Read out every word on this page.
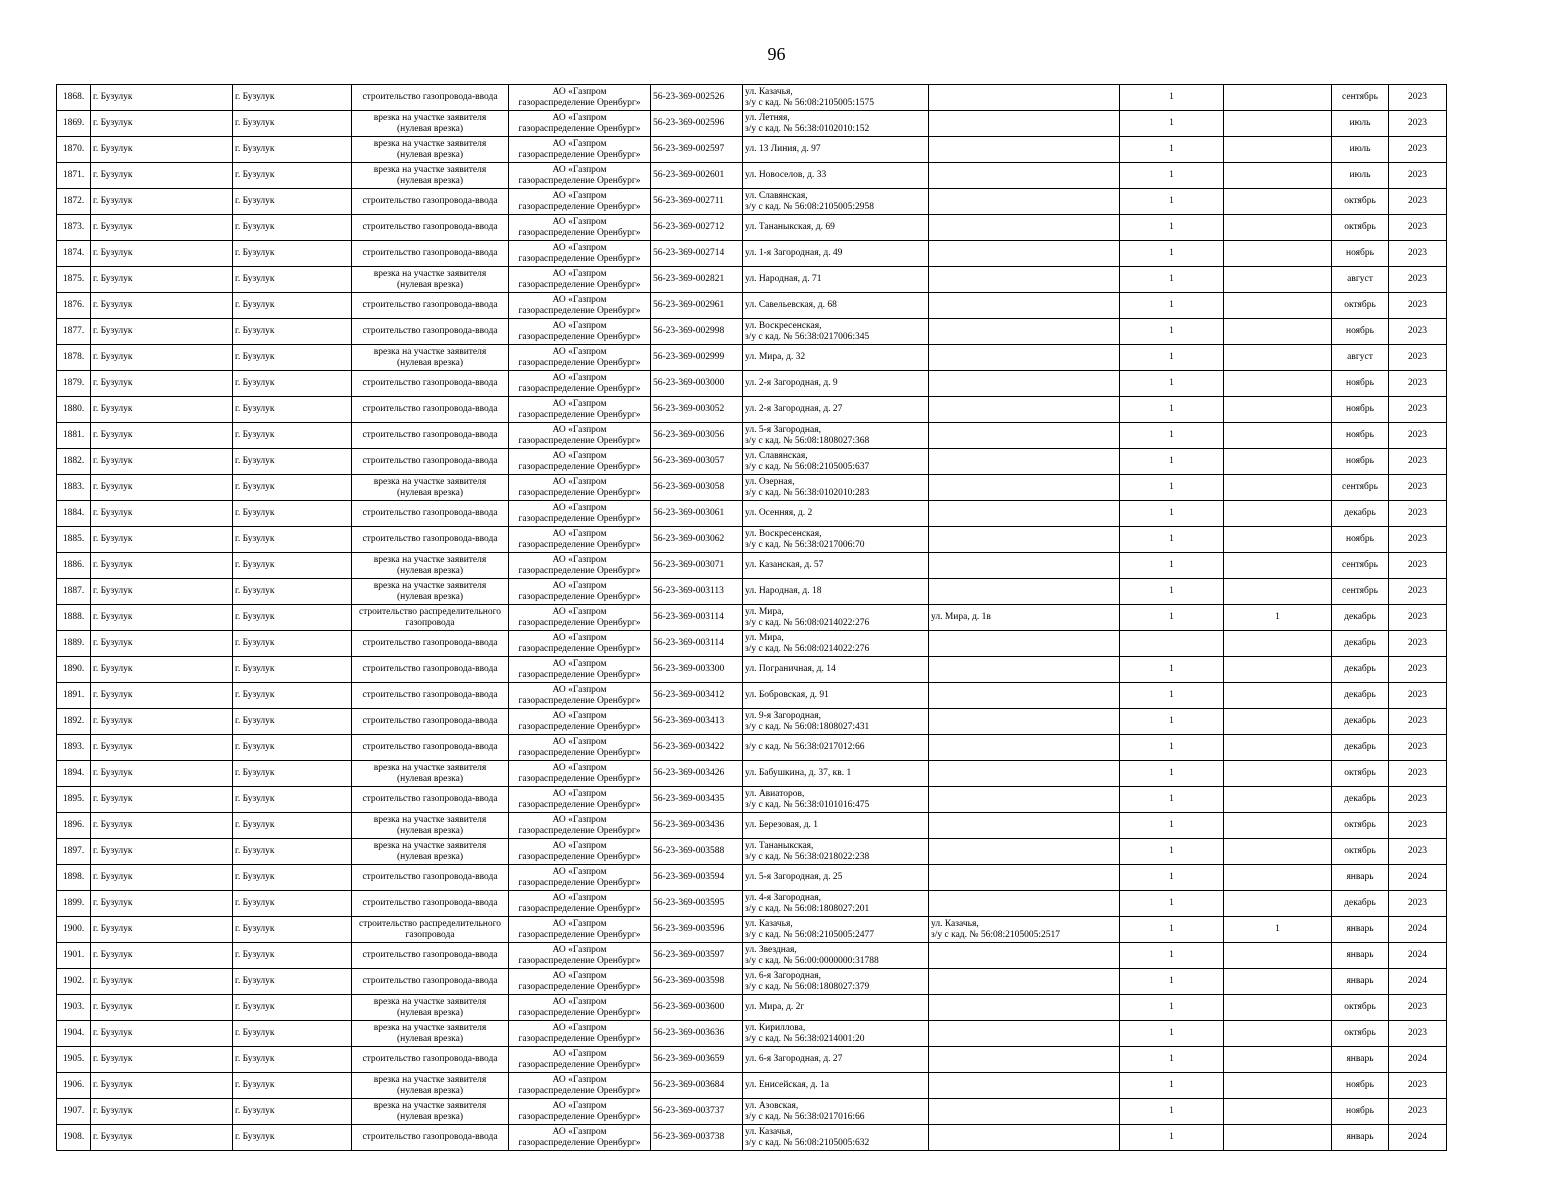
96
1868.	г. Бузулук	г. Бузулук	строительство газопровода-ввода	АО «Газпром
газораспределение Оренбург»	56-23-369-002526	ул. Казачья,
з/у с кад. № 56:08:2105005:1575		1		сентябрь	2023
1869.	г. Бузулук	г. Бузулук	врезка на участке заявителя
(нулевая врезка)	АО «Газпром
газораспределение Оренбург»	56-23-369-002596	ул. Летняя,
з/у с кад. № 56:38:0102010:152		1		июль	2023
1870.	г. Бузулук	г. Бузулук	врезка на участке заявителя
(нулевая врезка)	АО «Газпром
газораспределение Оренбург»	56-23-369-002597	ул. 13 Линия, д. 97		1		июль	2023
1871.	г. Бузулук	г. Бузулук	врезка на участке заявителя
(нулевая врезка)	АО «Газпром
газораспределение Оренбург»	56-23-369-002601	ул. Новоселов, д. 33		1		июль	2023
1872.	г. Бузулук	г. Бузулук	строительство газопровода-ввода	АО «Газпром
газораспределение Оренбург»	56-23-369-002711	ул. Славянская,
з/у с кад. № 56:08:2105005:2958		1		октябрь	2023
1873.	г. Бузулук	г. Бузулук	строительство газопровода-ввода	АО «Газпром
газораспределение Оренбург»	56-23-369-002712	ул. Тананыкская, д. 69		1		октябрь	2023
1874.	г. Бузулук	г. Бузулук	строительство газопровода-ввода	АО «Газпром
газораспределение Оренбург»	56-23-369-002714	ул. 1-я Загородная, д. 49		1		ноябрь	2023
1875.	г. Бузулук	г. Бузулук	врезка на участке заявителя
(нулевая врезка)	АО «Газпром
газораспределение Оренбург»	56-23-369-002821	ул. Народная, д. 71		1		август	2023
1876.	г. Бузулук	г. Бузулук	строительство газопровода-ввода	АО «Газпром
газораспределение Оренбург»	56-23-369-002961	ул. Савельевская, д. 68		1		октябрь	2023
1877.	г. Бузулук	г. Бузулук	строительство газопровода-ввода	АО «Газпром
газораспределение Оренбург»	56-23-369-002998	ул. Воскресенская,
з/у с кад. № 56:38:0217006:345		1		ноябрь	2023
1878.	г. Бузулук	г. Бузулук	врезка на участке заявителя
(нулевая врезка)	АО «Газпром
газораспределение Оренбург»	56-23-369-002999	ул. Мира, д. 32		1		август	2023
1879.	г. Бузулук	г. Бузулук	строительство газопровода-ввода	АО «Газпром
газораспределение Оренбург»	56-23-369-003000	ул. 2-я Загородная, д. 9		1		ноябрь	2023
1880.	г. Бузулук	г. Бузулук	строительство газопровода-ввода	АО «Газпром
газораспределение Оренбург»	56-23-369-003052	ул. 2-я Загородная, д. 27		1		ноябрь	2023
1881.	г. Бузулук	г. Бузулук	строительство газопровода-ввода	АО «Газпром
газораспределение Оренбург»	56-23-369-003056	ул. 5-я Загородная,
з/у с кад. № 56:08:1808027:368		1		ноябрь	2023
1882.	г. Бузулук	г. Бузулук	строительство газопровода-ввода	АО «Газпром
газораспределение Оренбург»	56-23-369-003057	ул. Славянская,
з/у с кад. № 56:08:2105005:637		1		ноябрь	2023
1883.	г. Бузулук	г. Бузулук	врезка на участке заявителя
(нулевая врезка)	АО «Газпром
газораспределение Оренбург»	56-23-369-003058	ул. Озерная,
з/у с кад. № 56:38:0102010:283		1		сентябрь	2023
1884.	г. Бузулук	г. Бузулук	строительство газопровода-ввода	АО «Газпром
газораспределение Оренбург»	56-23-369-003061	ул. Осенняя, д. 2		1		декабрь	2023
1885.	г. Бузулук	г. Бузулук	строительство газопровода-ввода	АО «Газпром
газораспределение Оренбург»	56-23-369-003062	ул. Воскресенская,
з/у с кад. № 56:38:0217006:70		1		ноябрь	2023
1886.	г. Бузулук	г. Бузулук	врезка на участке заявителя
(нулевая врезка)	АО «Газпром
газораспределение Оренбург»	56-23-369-003071	ул. Казанская, д. 57		1		сентябрь	2023
1887.	г. Бузулук	г. Бузулук	врезка на участке заявителя
(нулевая врезка)	АО «Газпром
газораспределение Оренбург»	56-23-369-003113	ул. Народная, д. 18		1		сентябрь	2023
1888.	г. Бузулук	г. Бузулук	строительство распределительного
газопровода	АО «Газпром
газораспределение Оренбург»	56-23-369-003114	ул. Мира,
з/у с кад. № 56:08:0214022:276	ул. Мира, д. 1в	1	1	декабрь	2023
1889.	г. Бузулук	г. Бузулук	строительство газопровода-ввода	АО «Газпром
газораспределение Оренбург»	56-23-369-003114	ул. Мира,
з/у с кад. № 56:08:0214022:276				декабрь	2023
1890.	г. Бузулук	г. Бузулук	строительство газопровода-ввода	АО «Газпром
газораспределение Оренбург»	56-23-369-003300	ул. Пограничная, д. 14		1		декабрь	2023
1891.	г. Бузулук	г. Бузулук	строительство газопровода-ввода	АО «Газпром
газораспределение Оренбург»	56-23-369-003412	ул. Бобровская, д. 91		1		декабрь	2023
1892.	г. Бузулук	г. Бузулук	строительство газопровода-ввода	АО «Газпром
газораспределение Оренбург»	56-23-369-003413	ул. 9-я Загородная,
з/у с кад. № 56:08:1808027:431		1		декабрь	2023
1893.	г. Бузулук	г. Бузулук	строительство газопровода-ввода	АО «Газпром
газораспределение Оренбург»	56-23-369-003422	з/у с кад. № 56:38:0217012:66		1		декабрь	2023
1894.	г. Бузулук	г. Бузулук	врезка на участке заявителя
(нулевая врезка)	АО «Газпром
газораспределение Оренбург»	56-23-369-003426	ул. Бабушкина, д. 37, кв. 1		1		октябрь	2023
1895.	г. Бузулук	г. Бузулук	строительство газопровода-ввода	АО «Газпром
газораспределение Оренбург»	56-23-369-003435	ул. Авиаторов,
з/у с кад. № 56:38:0101016:475		1		декабрь	2023
1896.	г. Бузулук	г. Бузулук	врезка на участке заявителя
(нулевая врезка)	АО «Газпром
газораспределение Оренбург»	56-23-369-003436	ул. Березовая, д. 1		1		октябрь	2023
1897.	г. Бузулук	г. Бузулук	врезка на участке заявителя
(нулевая врезка)	АО «Газпром
газораспределение Оренбург»	56-23-369-003588	ул. Тананыкская,
з/у с кад. № 56:38:0218022:238		1		октябрь	2023
1898.	г. Бузулук	г. Бузулук	строительство газопровода-ввода	АО «Газпром
газораспределение Оренбург»	56-23-369-003594	ул. 5-я Загородная, д. 25		1		январь	2024
1899.	г. Бузулук	г. Бузулук	строительство газопровода-ввода	АО «Газпром
газораспределение Оренбург»	56-23-369-003595	ул. 4-я Загородная,
з/у с кад. № 56:08:1808027:201		1		декабрь	2023
1900.	г. Бузулук	г. Бузулук	строительство распределительного
газопровода	АО «Газпром
газораспределение Оренбург»	56-23-369-003596	ул. Казачья,
з/у с кад. № 56:08:2105005:2477	ул. Казачья,
з/у с кад. № 56:08:2105005:2517	1	1	январь	2024
1901.	г. Бузулук	г. Бузулук	строительство газопровода-ввода	АО «Газпром
газораспределение Оренбург»	56-23-369-003597	ул. Звездная,
з/у с кад. № 56:00:0000000:31788		1		январь	2024
1902.	г. Бузулук	г. Бузулук	строительство газопровода-ввода	АО «Газпром
газораспределение Оренбург»	56-23-369-003598	ул. 6-я Загородная,
з/у с кад. № 56:08:1808027:379		1		январь	2024
1903.	г. Бузулук	г. Бузулук	врезка на участке заявителя
(нулевая врезка)	АО «Газпром
газораспределение Оренбург»	56-23-369-003600	ул. Мира, д. 2г		1		октябрь	2023
1904.	г. Бузулук	г. Бузулук	врезка на участке заявителя
(нулевая врезка)	АО «Газпром
газораспределение Оренбург»	56-23-369-003636	ул. Кириллова,
з/у с кад. № 56:38:0214001:20		1		октябрь	2023
1905.	г. Бузулук	г. Бузулук	строительство газопровода-ввода	АО «Газпром
газораспределение Оренбург»	56-23-369-003659	ул. 6-я Загородная, д. 27		1		январь	2024
1906.	г. Бузулук	г. Бузулук	врезка на участке заявителя
(нулевая врезка)	АО «Газпром
газораспределение Оренбург»	56-23-369-003684	ул. Енисейская, д. 1а		1		ноябрь	2023
1907.	г. Бузулук	г. Бузулук	врезка на участке заявителя
(нулевая врезка)	АО «Газпром
газораспределение Оренбург»	56-23-369-003737	ул. Азовская,
з/у с кад. № 56:38:0217016:66		1		ноябрь	2023
1908.	г. Бузулук	г. Бузулук	строительство газопровода-ввода	АО «Газпром
газораспределение Оренбург»	56-23-369-003738	ул. Казачья,
з/у с кад. № 56:08:2105005:632		1		январь	2024
